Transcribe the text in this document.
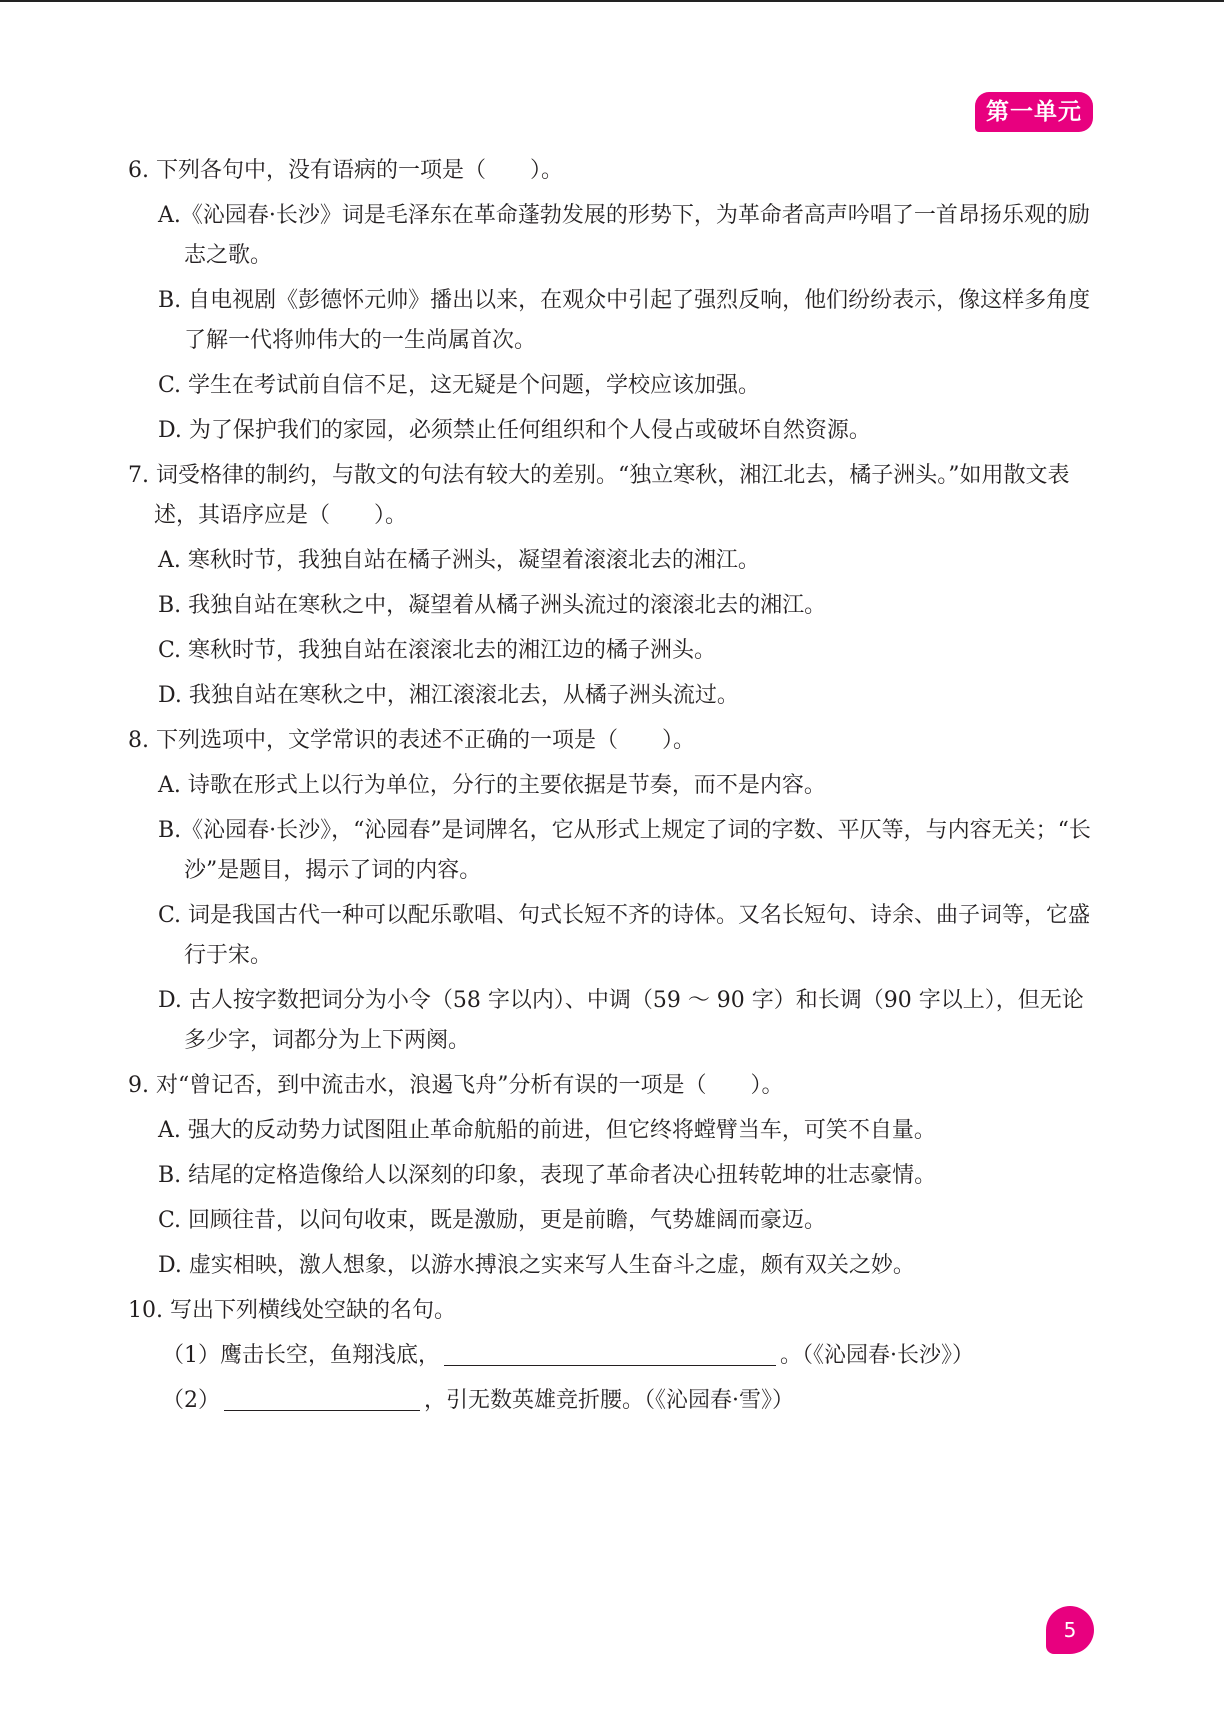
第一单元
6. 下列各句中，没有语病的一项是（　　）。
A.《沁园春·长沙》词是毛泽东在革命蓬勃发展的形势下，为革命者高声吟唱了一首昂扬乐观的励志之歌。
B. 自电视剧《彭德怀元帅》播出以来，在观众中引起了强烈反响，他们纷纷表示，像这样多角度了解一代将帅伟大的一生尚属首次。
C. 学生在考试前自信不足，这无疑是个问题，学校应该加强。
D. 为了保护我们的家园，必须禁止任何组织和个人侵占或破坏自然资源。
7. 词受格律的制约，与散文的句法有较大的差别。“独立寒秋，湘江北去，橘子洲头。”如用散文表述，其语序应是（　　）。
A. 寒秋时节，我独自站在橘子洲头，凝望着滚滚北去的湘江。
B. 我独自站在寒秋之中，凝望着从橘子洲头流过的滚滚北去的湘江。
C. 寒秋时节，我独自站在滚滚北去的湘江边的橘子洲头。
D. 我独自站在寒秋之中，湘江滚滚北去，从橘子洲头流过。
8. 下列选项中，文学常识的表述不正确的一项是（　　）。
A. 诗歌在形式上以行为单位，分行的主要依据是节奏，而不是内容。
B.《沁园春·长沙》，“沁园春”是词牌名，它从形式上规定了词的字数、平仄等，与内容无关；“长沙”是题目，揭示了词的内容。
C. 词是我国古代一种可以配乐歌唱、句式长短不齐的诗体。又名长短句、诗余、曲子词等，它盛行于宋。
D. 古人按字数把词分为小令（58 字以内）、中调（59 ～ 90 字）和长调（90 字以上），但无论多少字，词都分为上下两阕。
9. 对“曾记否，到中流击水，浪遏飞舟”分析有误的一项是（　　）。
A. 强大的反动势力试图阻止革命航船的前进，但它终将螳臂当车，可笑不自量。
B. 结尾的定格造像给人以深刻的印象，表现了革命者决心扭转乾坤的壮志豪情。
C. 回顾往昔，以问句收束，既是激励，更是前瞻，气势雄阔而豪迈。
D. 虚实相映，激人想象，以游水搏浪之实来写人生奋斗之虚，颇有双关之妙。
10. 写出下列横线处空缺的名句。
（1）鹰击长空，鱼翔浅底，	。（《沁园春·长沙》）
（2）	，引无数英雄竞折腰。（《沁园春·雪》）
5
